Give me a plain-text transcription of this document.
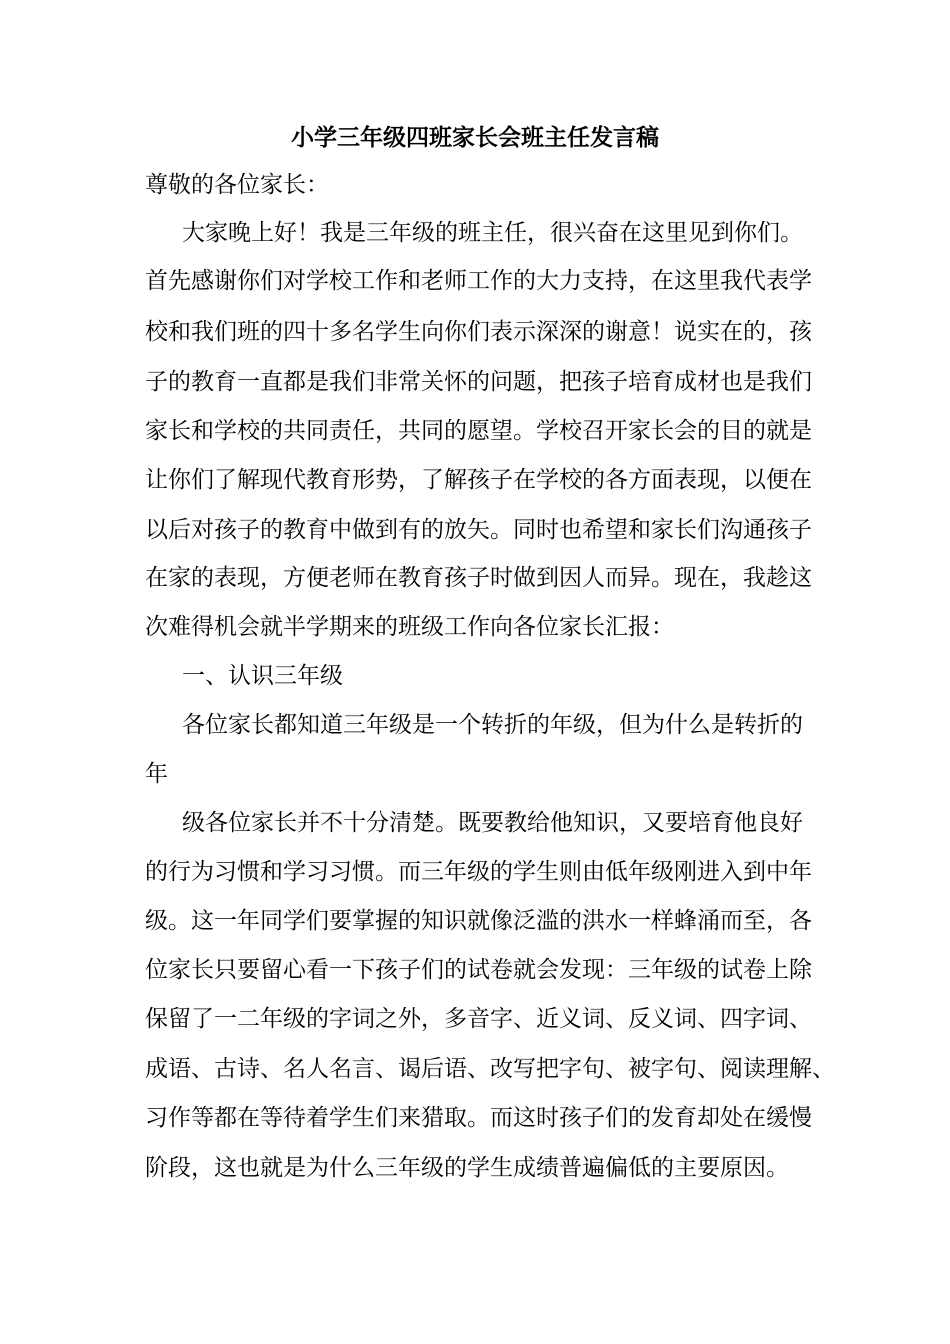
小学三年级四班家长会班主任发言稿

尊敬的各位家长：

大家晚上好！我是三年级的班主任，很兴奋在这里见到你们。

首先感谢你们对学校工作和老师工作的大力支持，在这里我代表学

校和我们班的四十多名学生向你们表示深深的谢意！说实在的，孩

子的教育一直都是我们非常关怀的问题，把孩子培育成材也是我们

家长和学校的共同责任，共同的愿望。学校召开家长会的目的就是

让你们了解现代教育形势，了解孩子在学校的各方面表现，以便在

以后对孩子的教育中做到有的放矢。同时也希望和家长们沟通孩子

在家的表现，方便老师在教育孩子时做到因人而异。现在，我趁这

次难得机会就半学期来的班级工作向各位家长汇报：

一、认识三年级

各位家长都知道三年级是一个转折的年级，但为什么是转折的

年

级各位家长并不十分清楚。既要教给他知识，又要培育他良好

的行为习惯和学习习惯。而三年级的学生则由低年级刚进入到中年

级。这一年同学们要掌握的知识就像泛滥的洪水一样蜂涌而至，各

位家长只要留心看一下孩子们的试卷就会发现：三年级的试卷上除

保留了一二年级的字词之外，多音字、近义词、反义词、四字词、

成语、古诗、名人名言、谒后语、改写把字句、被字句、阅读理解、

习作等都在等待着学生们来猎取。而这时孩子们的发育却处在缓慢

阶段，这也就是为什么三年级的学生成绩普遍偏低的主要原因。
